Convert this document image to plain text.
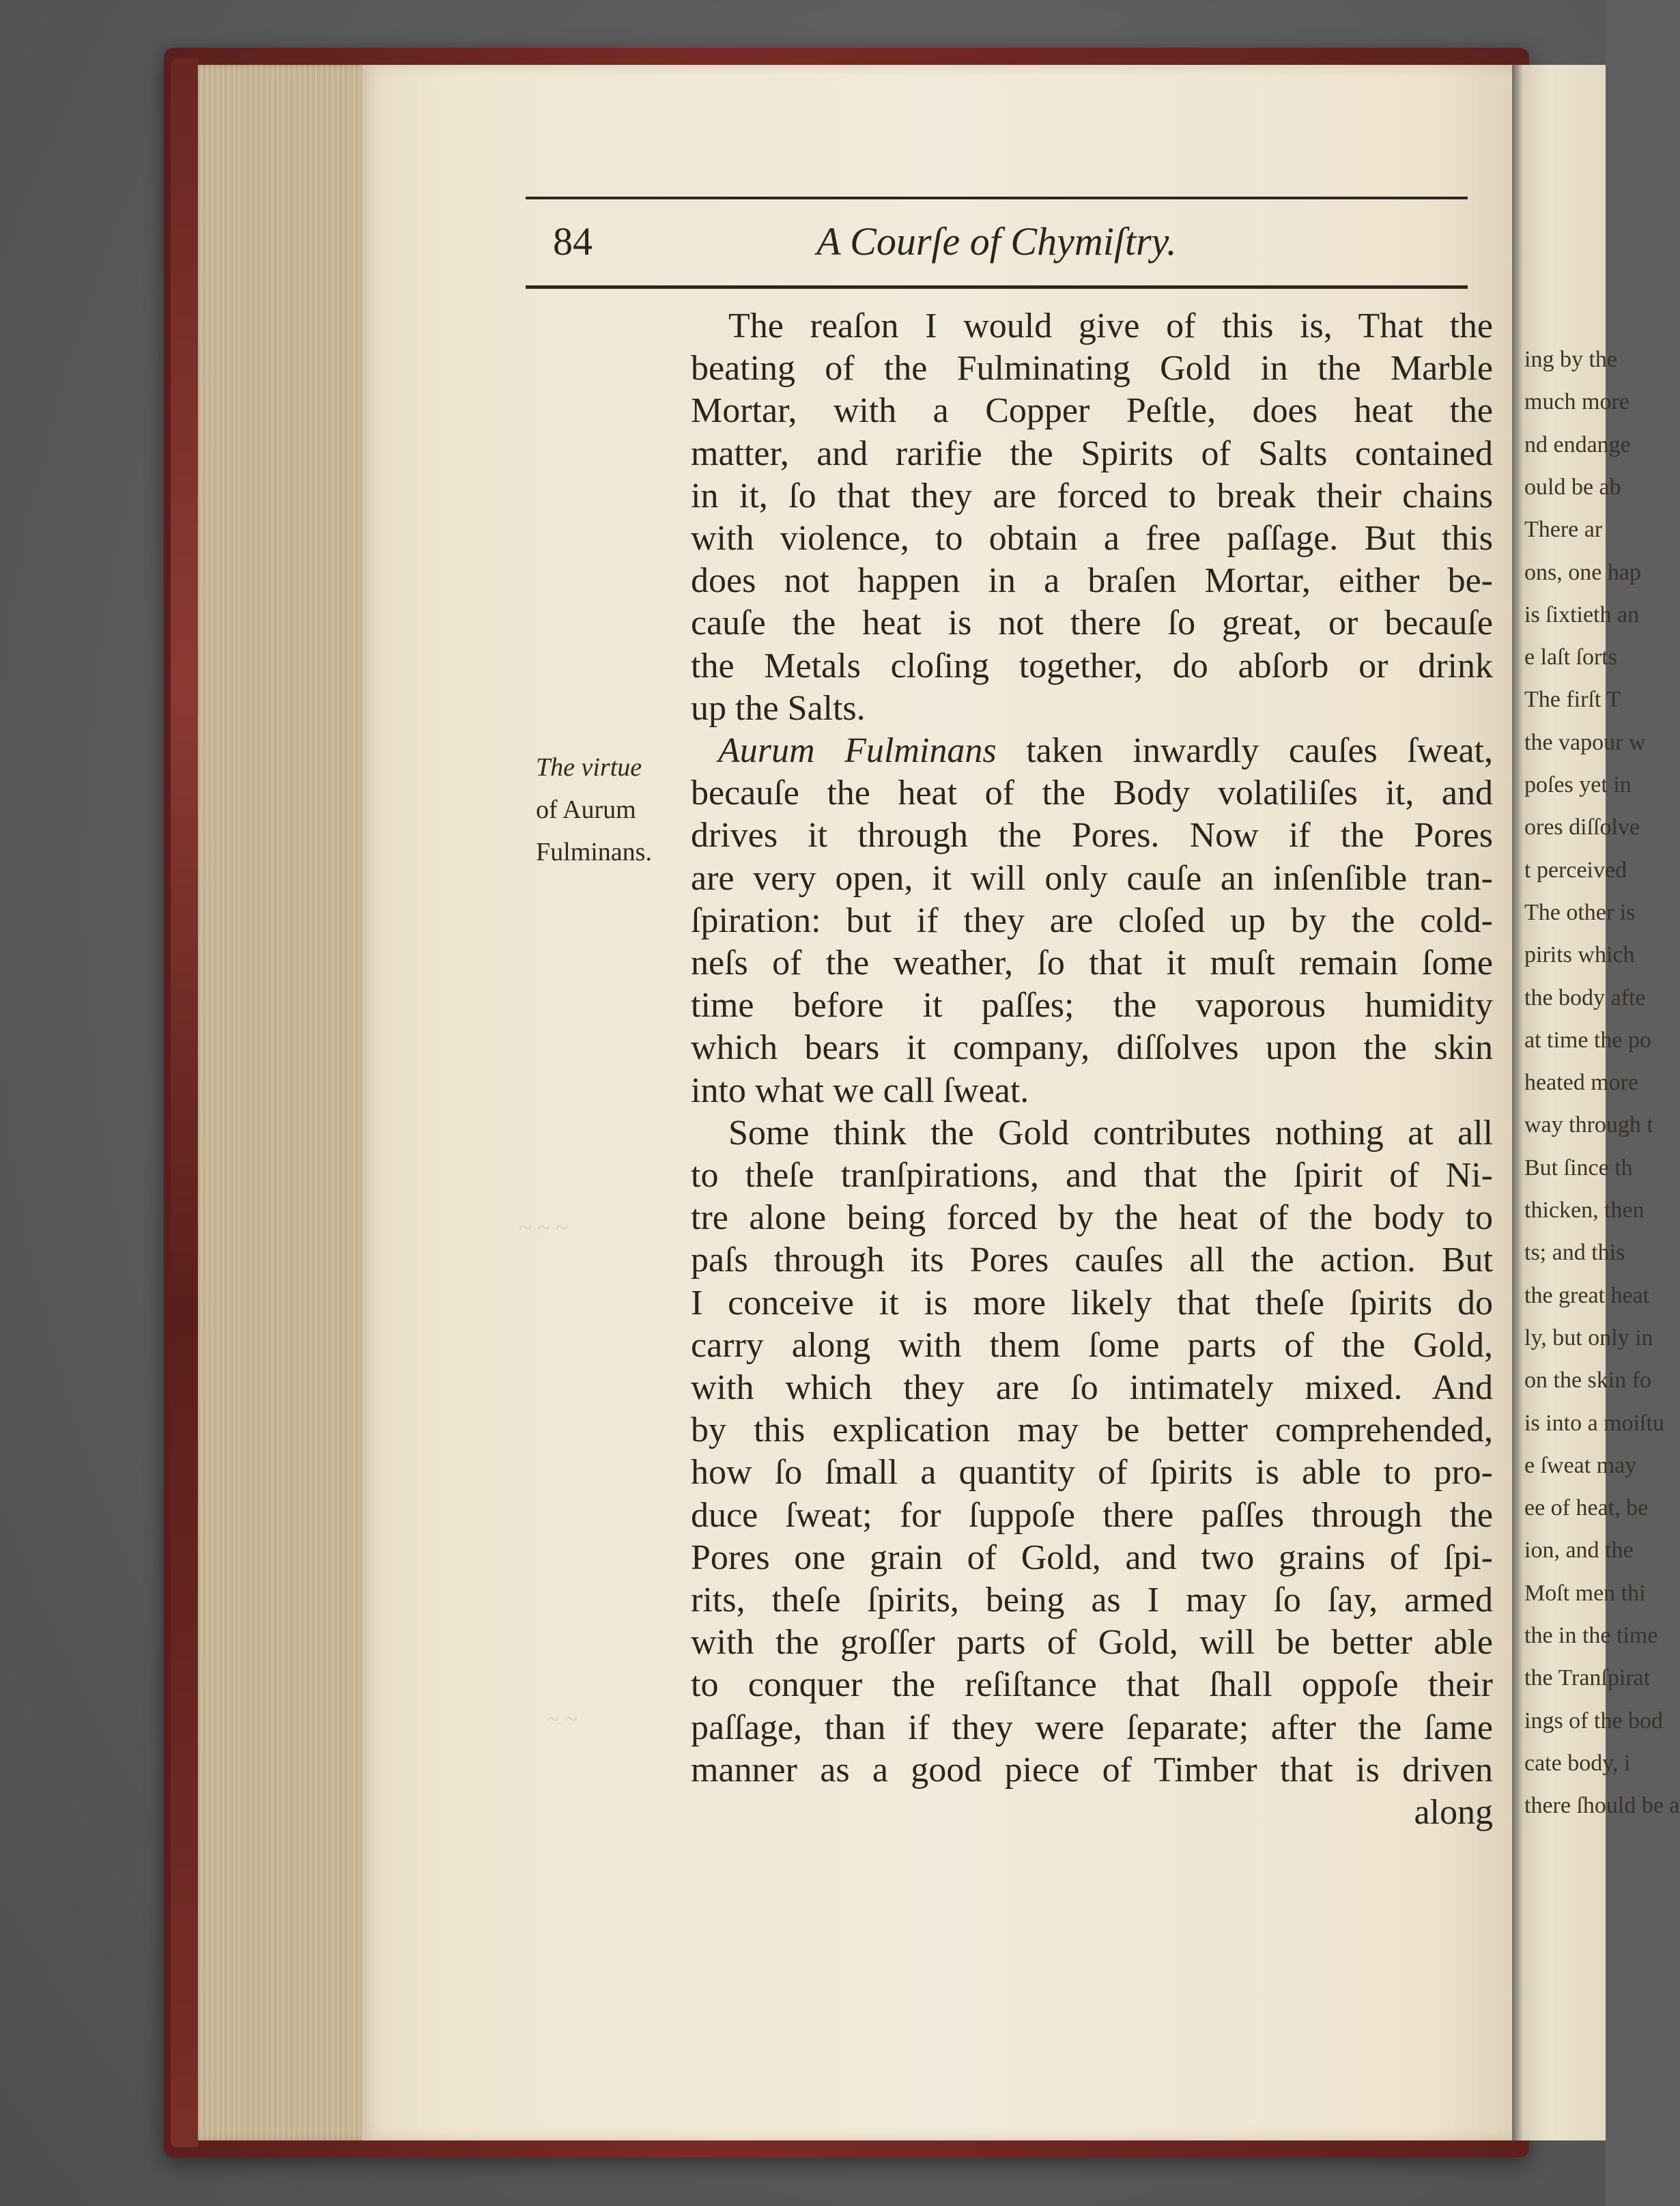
ing by the
much more
nd endange
ould be ab
There ar
ons, one hap
is ſixtieth an
e laſt ſorts
The firſt T
the vapour w
poſes yet in
ores diſſolve
t perceived
The other is
pirits which
the body afte
at time the po
heated more
way through t
But ſince th
thicken, then
ts; and this
the great heat
ly, but only in
on the skin fo
is into a moiſtu
e ſweat may
ee of heat, be
ion, and the
Moſt men thi
the in the time
the Tranſpirat
ings of the bod
cate body, i
there ſhould be a
84	A Courſe of Chymiſtry.
The virtue
of Aurum
Fulminans.
The reaſon I would give of this is, That the
beating of the Fulminating Gold in the Marble
Mortar, with a Copper Peſtle, does heat the
matter, and rarifie the Spirits of Salts contained
in it, ſo that they are forced to break their chains
with violence, to obtain a free paſſage. But this
does not happen in a braſen Mortar, either be-
cauſe the heat is not there ſo great, or becauſe
the Metals cloſing together, do abſorb or drink
up the Salts.
Aurum Fulminans taken inwardly cauſes ſweat,
becauſe the heat of the Body volatiliſes it, and
drives it through the Pores. Now if the Pores
are very open, it will only cauſe an inſenſible tran-
ſpiration: but if they are cloſed up by the cold-
neſs of the weather, ſo that it muſt remain ſome
time before it paſſes; the vaporous humidity
which bears it company, diſſolves upon the skin
into what we call ſweat.
Some think the Gold contributes nothing at all
to theſe tranſpirations, and that the ſpirit of Ni-
tre alone being forced by the heat of the body to
paſs through its Pores cauſes all the action. But
I conceive it is more likely that theſe ſpirits do
carry along with them ſome parts of the Gold,
with which they are ſo intimately mixed. And
by this explication may be better comprehended,
how ſo ſmall a quantity of ſpirits is able to pro-
duce ſweat; for ſuppoſe there paſſes through the
Pores one grain of Gold, and two grains of ſpi-
rits, theſe ſpirits, being as I may ſo ſay, armed
with the groſſer parts of Gold, will be better able
to conquer the reſiſtance that ſhall oppoſe their
paſſage, than if they were ſeparate; after the ſame
manner as a good piece of Timber that is driven
along
~ ~ ~
~ ~
